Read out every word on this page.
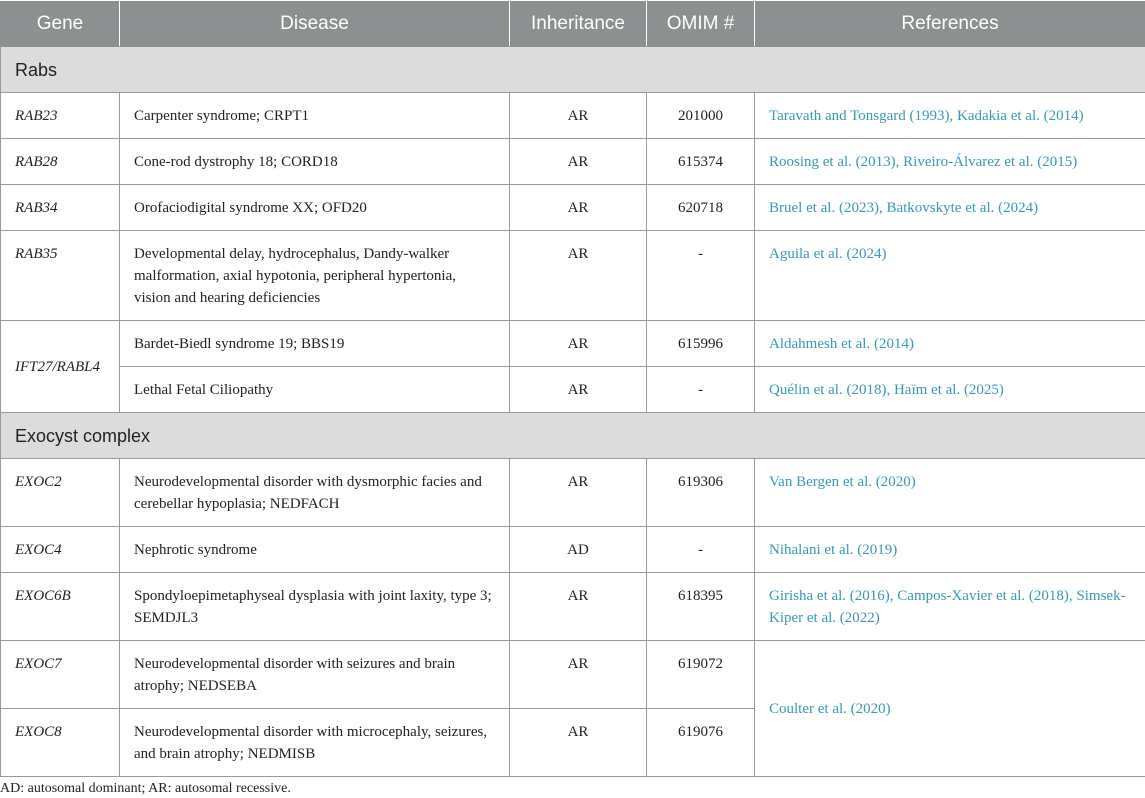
Gene	Disease	Inheritance	OMIM #	References
Rabs				
RAB23	Carpenter syndrome; CRPT1	AR	201000	Taravath and Tonsgard (1993), Kadakia et al. (2014)
RAB28	Cone-rod dystrophy 18; CORD18	AR	615374	Roosing et al. (2013), Riveiro-Álvarez et al. (2015)
RAB34	Orofaciodigital syndrome XX; OFD20	AR	620718	Bruel et al. (2023), Batkovskyte et al. (2024)
RAB35	Developmental delay, hydrocephalus, Dandy-walker malformation, axial hypotonia, peripheral hypertonia, vision and hearing deficiencies	AR	-	Aguila et al. (2024)
IFT27/RABL4	Bardet-Biedl syndrome 19; BBS19	AR	615996	Aldahmesh et al. (2014)
	Lethal Fetal Ciliopathy	AR	-	Quélin et al. (2018), Haïm et al. (2025)
Exocyst complex				
EXOC2	Neurodevelopmental disorder with dysmorphic facies and cerebellar hypoplasia; NEDFACH	AR	619306	Van Bergen et al. (2020)
EXOC4	Nephrotic syndrome	AD	-	Nihalani et al. (2019)
EXOC6B	Spondyloepimetaphyseal dysplasia with joint laxity, type 3; SEMDJL3	AR	618395	Girisha et al. (2016), Campos-Xavier et al. (2018), Simsek-Kiper et al. (2022)
EXOC7	Neurodevelopmental disorder with seizures and brain atrophy; NEDSEBA	AR	619072	Coulter et al. (2020)
EXOC8	Neurodevelopmental disorder with microcephaly, seizures, and brain atrophy; NEDMISB	AR	619076	
AD: autosomal dominant; AR: autosomal recessive.
